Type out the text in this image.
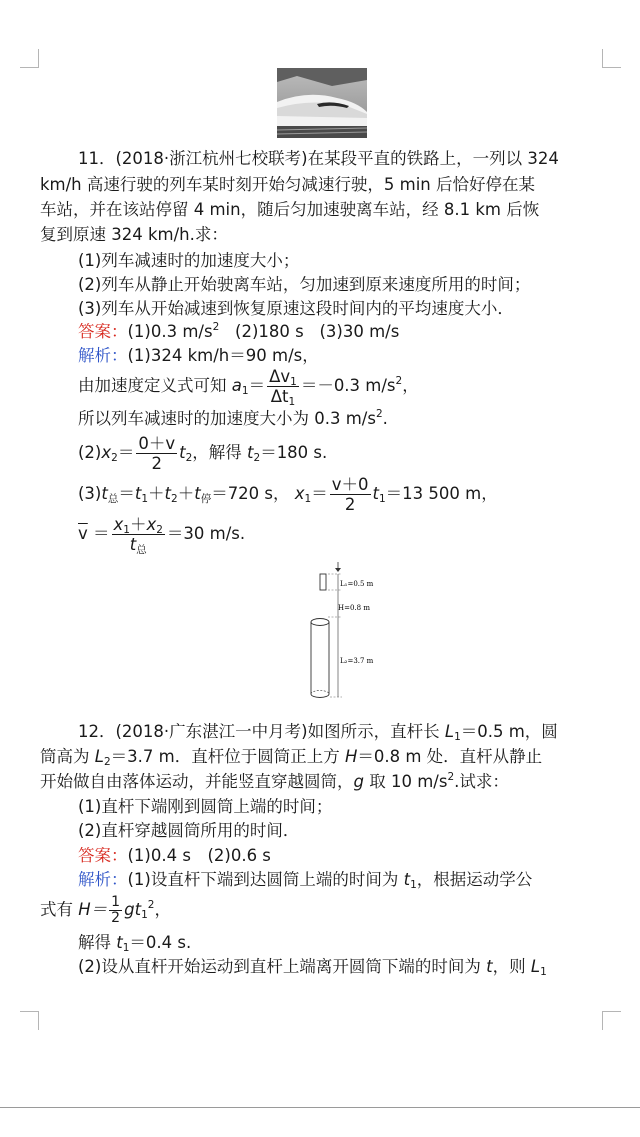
11．(2018·浙江杭州七校联考)在某段平直的铁路上，一列以 324
km/h 高速行驶的列车某时刻开始匀减速行驶，5 min 后恰好停在某
车站，并在该站停留 4 min，随后匀加速驶离车站，经 8.1 km 后恢
复到原速 324 km/h.求：
(1)列车减速时的加速度大小；
(2)列车从静止开始驶离车站，匀加速到原来速度所用的时间；
(3)列车从开始减速到恢复原速这段时间内的平均速度大小．
答案：(1)0.3 $m/s^2$ (2)180 s (3)30 m/s
解析：(1)324 km/h＝90 m/s，
由加速度定义式可知 $a_1= \frac{\Delta v_1}{\Delta t_1} =-0.3$ $m/s^2$，
所以列车减速时的加速度大小为 0.3 $m/s^2$.
$(2)x_2= \frac{0+v}{2} t_2$，解得 $t_2=180$ s.
$(3)t_总=t_1+t_2+t_停=720$ s， $x_1= \frac{v+0}{2} t_1=13$ 500 m，
$\overline{v} = \frac{x_1+x_2}{t_总} =30$ m/s.
L₁=0.5 m
H=0.8 m
L₂=3.7 m
12．(2018·广东湛江一中月考)如图所示，直杆长 $L_1=0.5$ m，圆
筒高为 $L_2=3.7$ m．直杆位于圆筒正上方 H＝0.8 m 处．直杆从静止
开始做自由落体运动，并能竖直穿越圆筒，g 取 10 $m/s^2$.试求：
(1)直杆下端刚到圆筒上端的时间；
(2)直杆穿越圆筒所用的时间．
答案：(1)0.4 s　(2)0.6 s
解析：(1)设直杆下端到达圆筒上端的时间为 $t_1$，根据运动学公
式有 $H= \frac{1}{2} gt_1^2$，
解得 $t_1=0.4$ s.
(2)设从直杆开始运动到直杆上端离开圆筒下端的时间为 t，则 $L_1$
